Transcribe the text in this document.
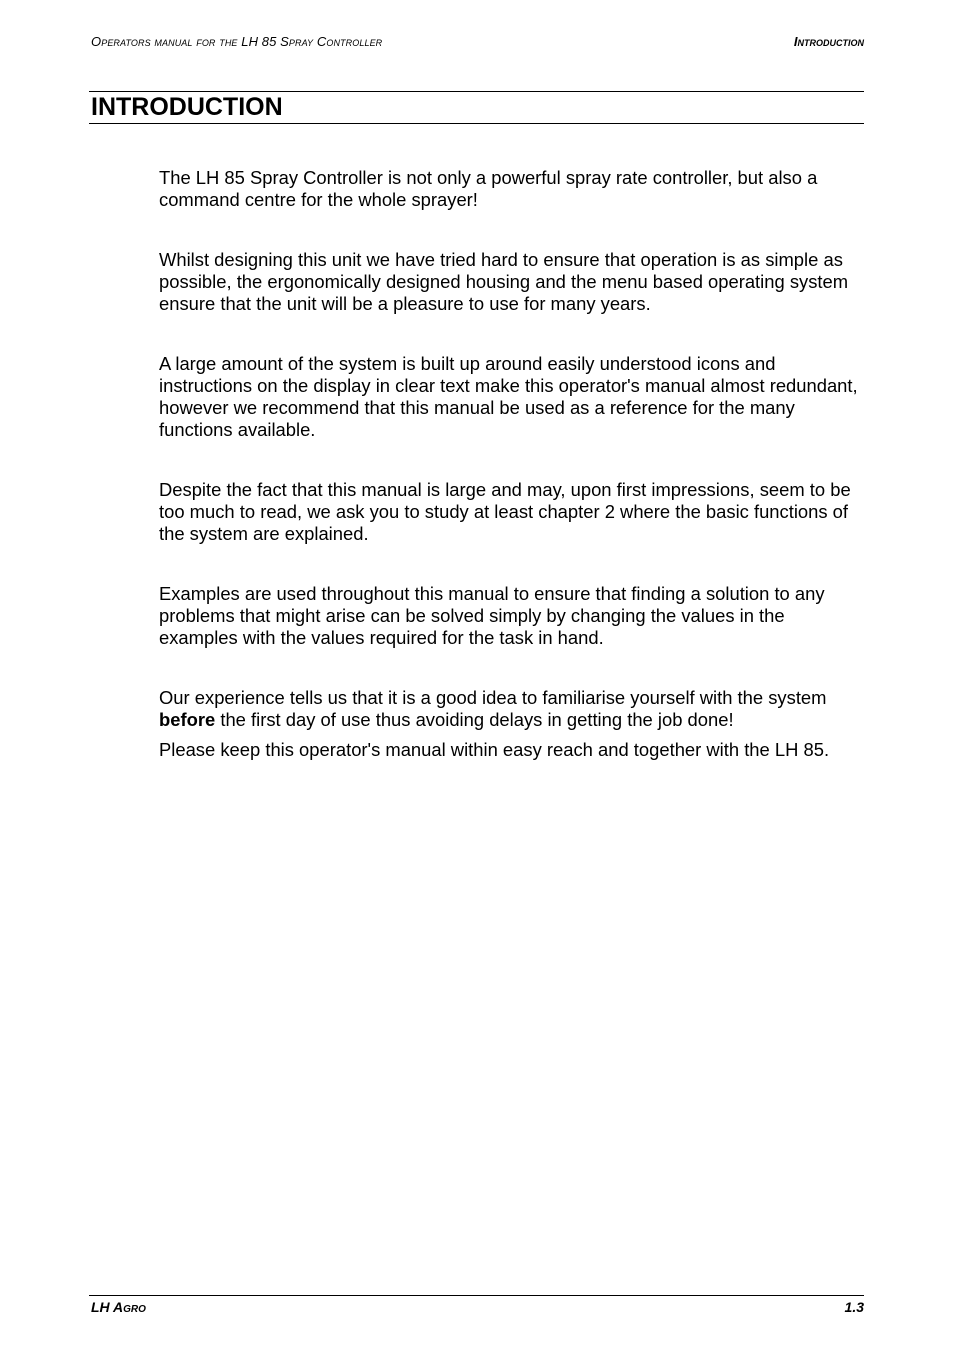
Operators manual for the LH 85 Spray Controller	Introduction
INTRODUCTION

The LH 85 Spray Controller is not only a powerful spray rate controller, but also a command centre for the whole sprayer!

Whilst designing this unit we have tried hard to ensure that operation is as simple as possible, the ergonomically designed housing and the menu based operating system ensure that the unit will be a pleasure to use for many years.

A large amount of the system is built up around easily understood icons and instructions on the display in clear text make this operator's manual almost redundant, however we recommend that this manual be used as a reference for the many functions available.

Despite the fact that this manual is large and may, upon first impressions, seem to be too much to read, we ask you to study at least chapter 2 where the basic functions of the system are explained.

Examples are used throughout this manual to ensure that finding a solution to any problems that might arise can be solved simply by changing the values in the examples with the values required for the task in hand.

Our experience tells us that it is a good idea to familiarise yourself with the system before the first day of use thus avoiding delays in getting the job done!

Please keep this operator's manual within easy reach and together with the LH 85.

LH Agro	1.3
